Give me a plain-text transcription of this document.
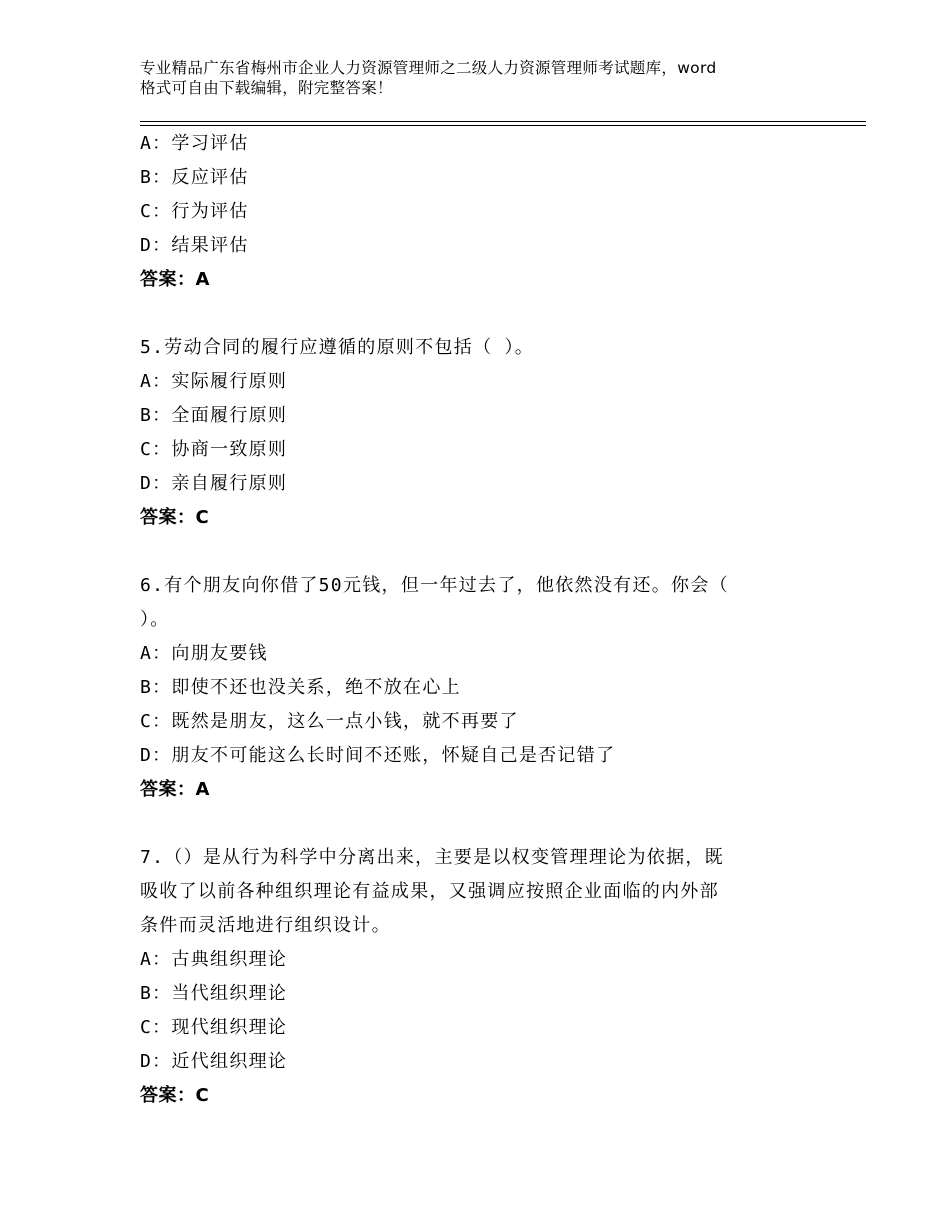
专业精品广东省梅州市企业人力资源管理师之二级人力资源管理师考试题库，word
格式可自由下载编辑，附完整答案！
A：学习评估
B：反应评估
C：行为评估
D：结果评估
答案：A
5.劳动合同的履行应遵循的原则不包括（ ）。
A：实际履行原则
B：全面履行原则
C：协商一致原则
D：亲自履行原则
答案：C
6.有个朋友向你借了50元钱，但一年过去了，他依然没有还。你会（
）。
A：向朋友要钱
B：即使不还也没关系，绝不放在心上
C：既然是朋友，这么一点小钱，就不再要了
D：朋友不可能这么长时间不还账，怀疑自己是否记错了
答案：A
7.（）是从行为科学中分离出来，主要是以权变管理理论为依据，既
吸收了以前各种组织理论有益成果，又强调应按照企业面临的内外部
条件而灵活地进行组织设计。
A：古典组织理论
B：当代组织理论
C：现代组织理论
D：近代组织理论
答案：C
